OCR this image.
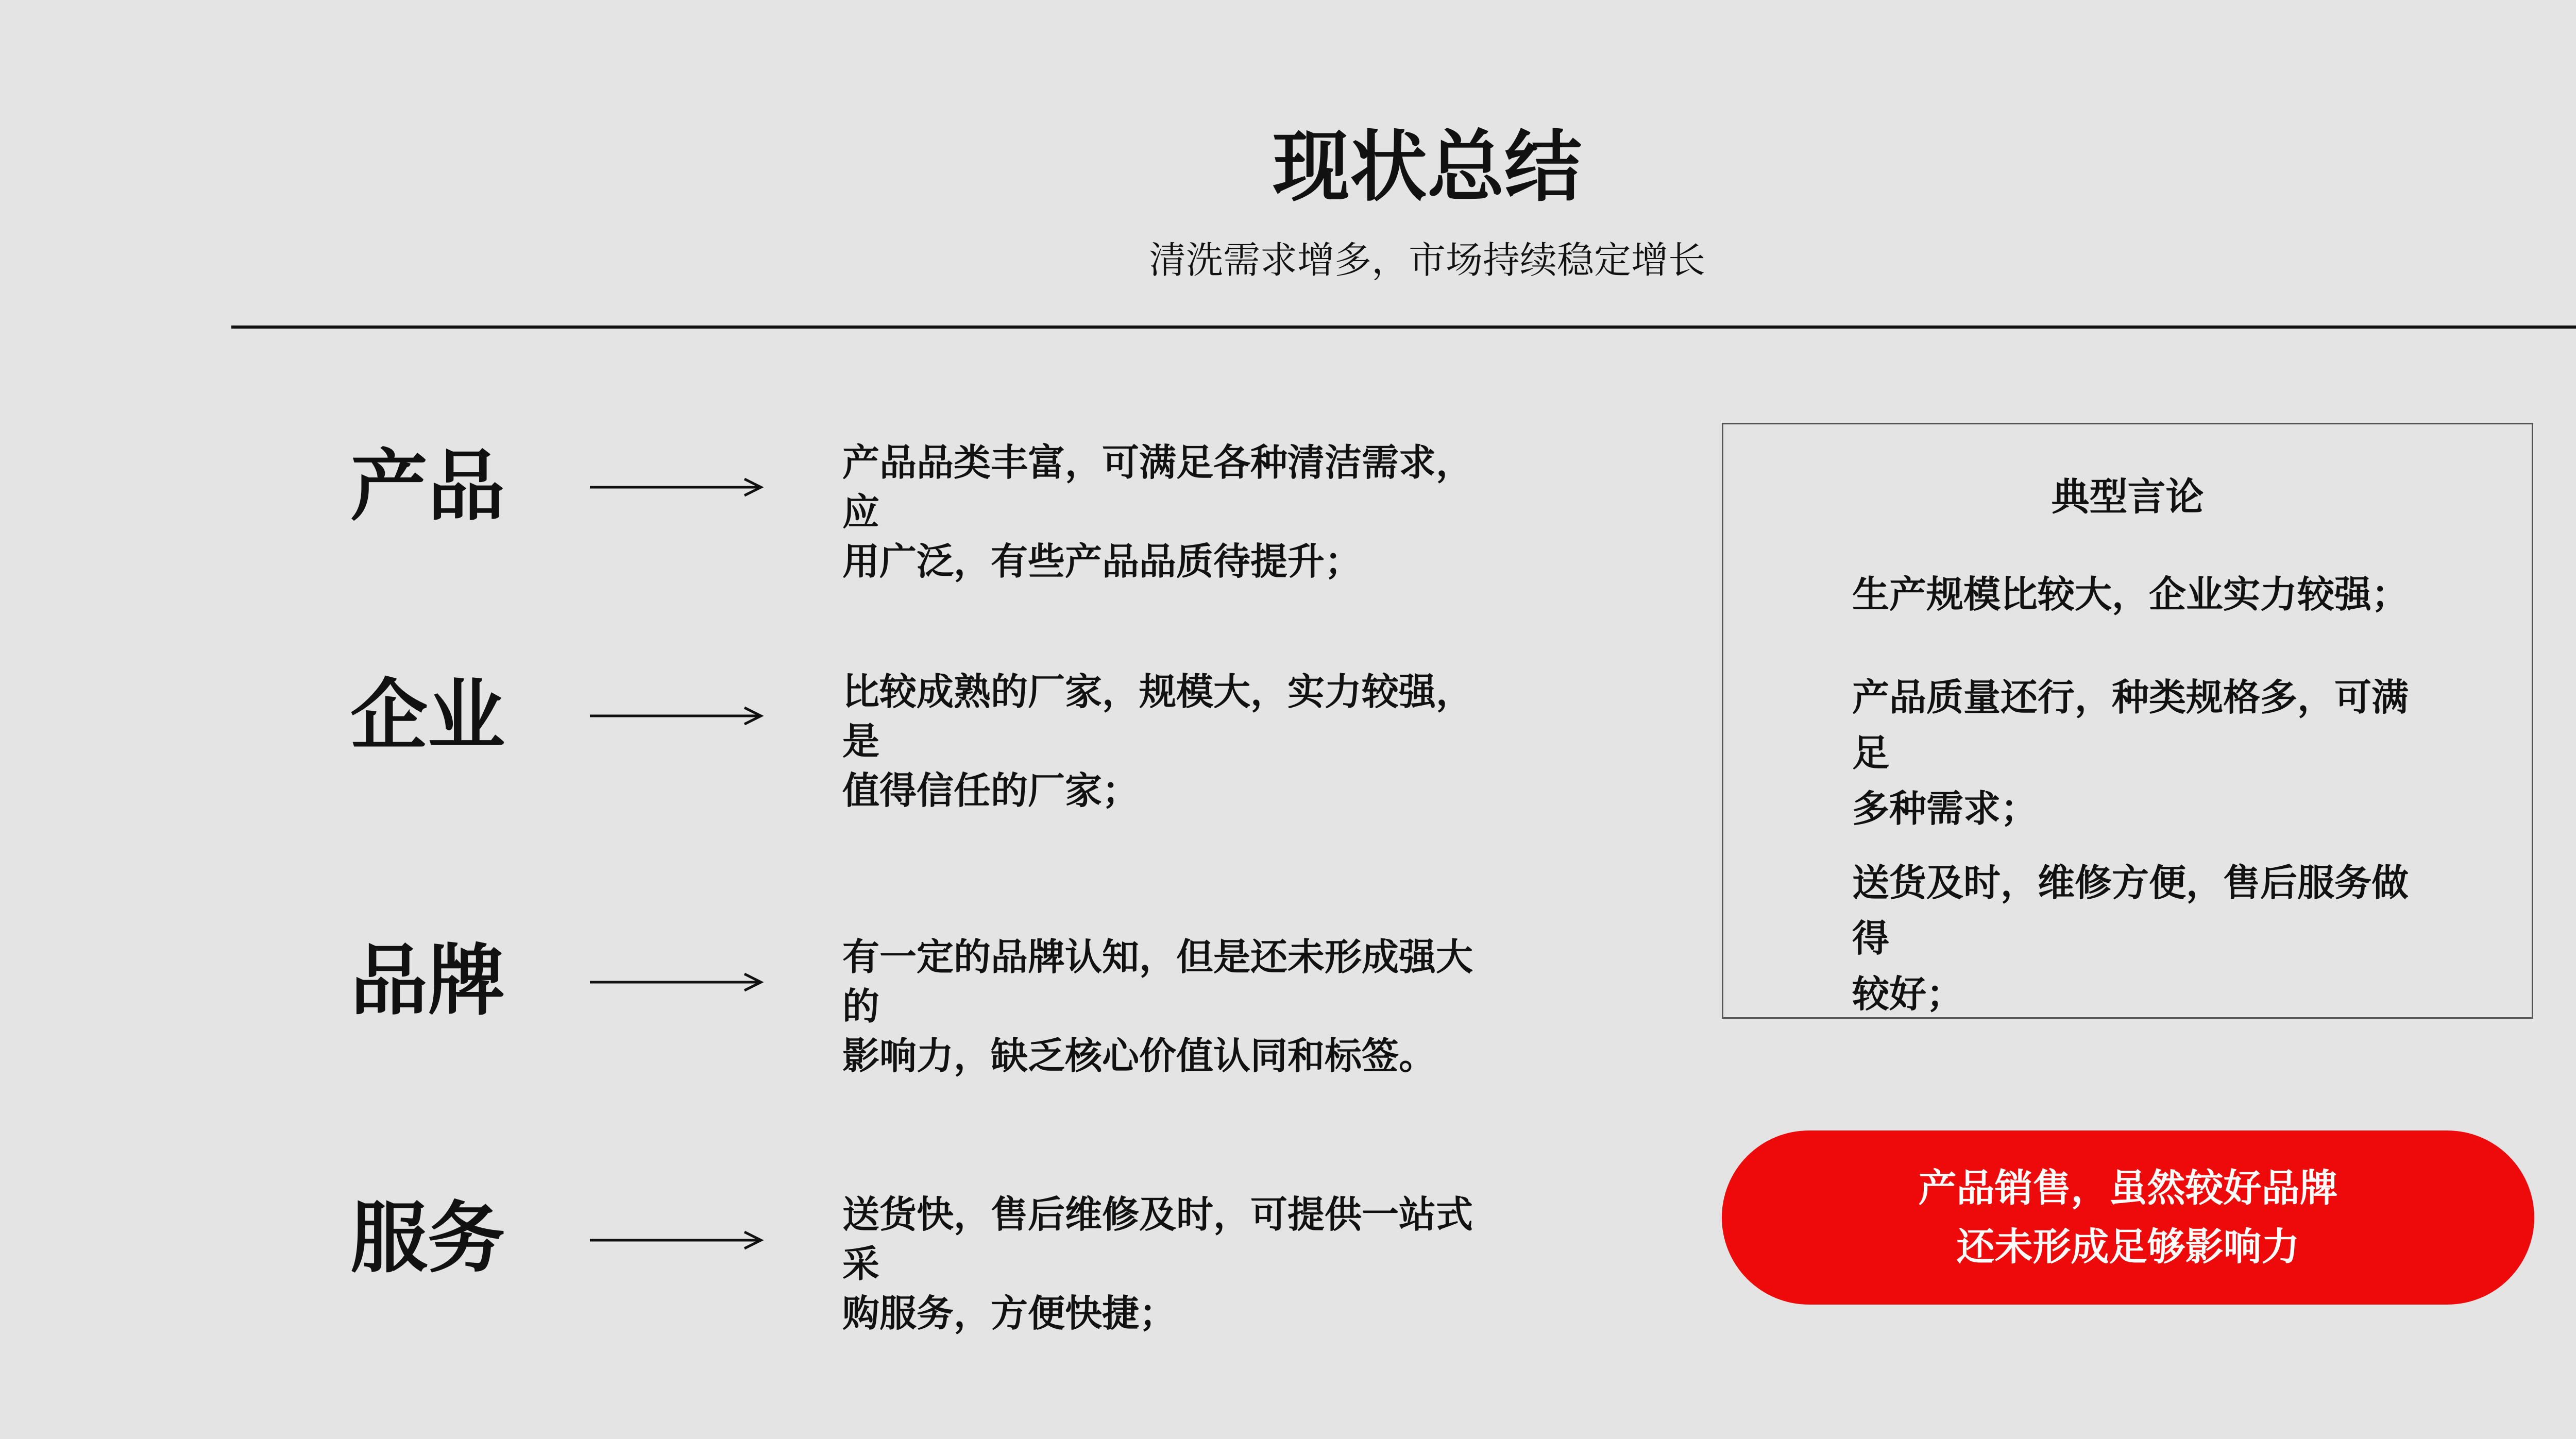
现状总结
清洗需求增多，市场持续稳定增长
产品	产品品类丰富，可满足各种清洁需求，应
用广泛，有些产品品质待提升；
企业	比较成熟的厂家，规模大，实力较强，是
值得信任的厂家；
品牌	有一定的品牌认知，但是还未形成强大的
影响力，缺乏核心价值认同和标签。
服务	送货快，售后维修及时，可提供一站式采
购服务，方便快捷；
典型言论
生产规模比较大，企业实力较强；
产品质量还行，种类规格多，可满足
多种需求；
送货及时，维修方便，售后服务做得
较好；
产品销售，虽然较好品牌
还未形成足够影响力
